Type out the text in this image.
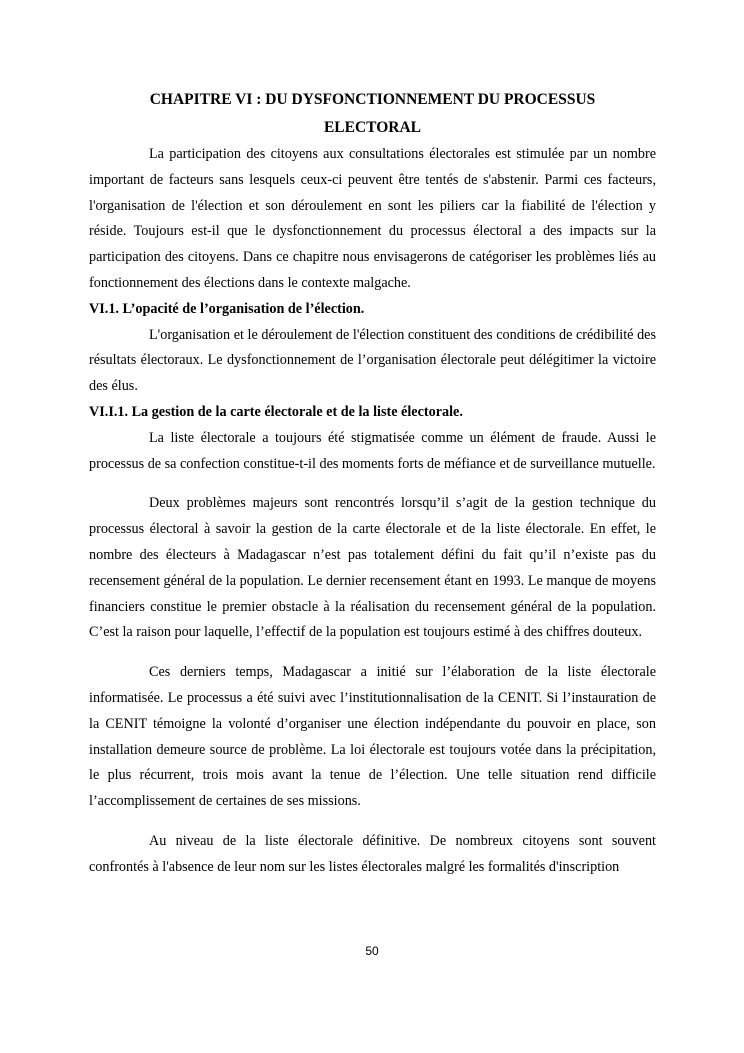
CHAPITRE VI : DU DYSFONCTIONNEMENT DU PROCESSUS
ELECTORAL

La participation des citoyens aux consultations électorales est stimulée par un nombre important de facteurs sans lesquels ceux-ci peuvent être tentés de s'abstenir. Parmi ces facteurs, l'organisation de l'élection et son déroulement en sont les piliers car la fiabilité de l'élection y réside. Toujours est-il que le dysfonctionnement du processus électoral a des impacts sur la participation des citoyens. Dans ce chapitre nous envisagerons de catégoriser les problèmes liés au fonctionnement des élections dans le contexte malgache.

VI.1. L’opacité de l’organisation de l’élection.

L'organisation et le déroulement de l'élection constituent des conditions de crédibilité des résultats électoraux. Le dysfonctionnement de l’organisation électorale peut délégitimer la victoire des élus.

VI.I.1. La gestion de la carte électorale et de la liste électorale.

La liste électorale a toujours été stigmatisée comme un élément de fraude. Aussi le processus de sa confection constitue-t-il des moments forts de méfiance et de surveillance mutuelle.

Deux problèmes majeurs sont rencontrés lorsqu’il s’agit de la gestion technique du processus électoral à savoir la gestion de la carte électorale et de la liste électorale. En effet, le nombre des électeurs à Madagascar n’est pas totalement défini du fait qu’il n’existe pas du recensement général de la population. Le dernier recensement étant en 1993. Le manque de moyens financiers constitue le premier obstacle à la réalisation du recensement général de la population. C’est la raison pour laquelle, l’effectif de la population est toujours estimé à des chiffres douteux.

Ces derniers temps, Madagascar a initié sur l’élaboration de la liste électorale informatisée. Le processus a été suivi avec l’institutionnalisation de la CENIT. Si l’instauration de la CENIT témoigne la volonté d’organiser une élection indépendante du pouvoir en place, son installation demeure source de problème. La loi électorale est toujours votée dans la précipitation, le plus récurrent, trois mois avant la tenue de l’élection. Une telle situation rend difficile l’accomplissement de certaines de ses missions.

Au niveau de la liste électorale définitive. De nombreux citoyens sont souvent confrontés à l'absence de leur nom sur les listes électorales malgré les formalités d'inscription

50
